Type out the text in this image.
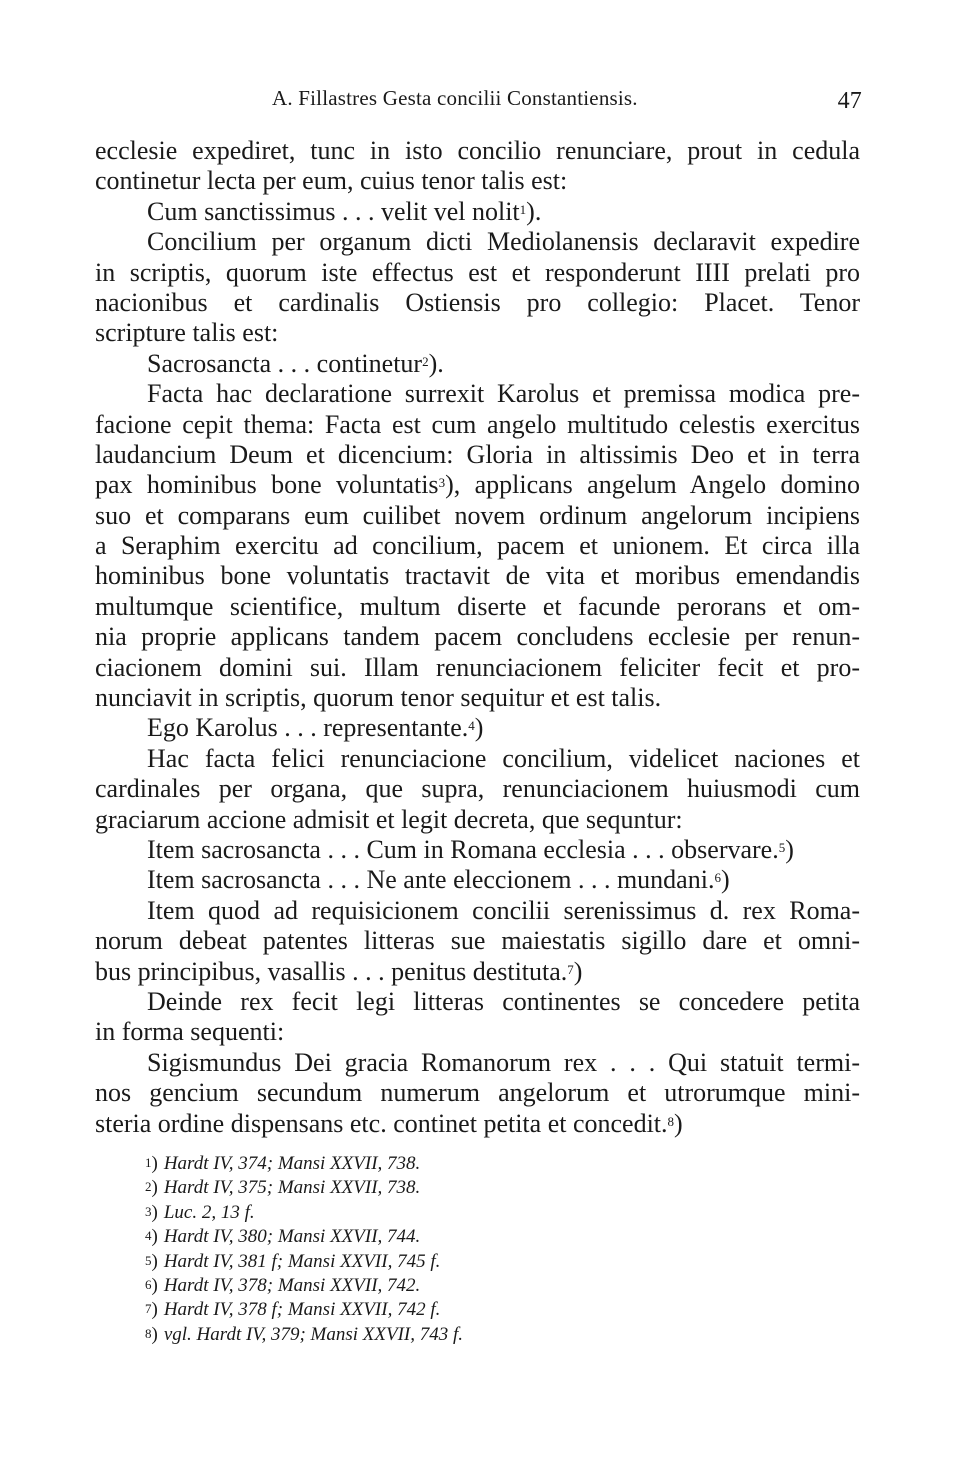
A. Fillastres Gesta concilii Constantiensis.	47
ecclesie expediret, tunc in isto concilio renunciare, prout in cedula
continetur lecta per eum, cuius tenor talis est:
Cum sanctissimus . . . velit vel nolit$^1$).
Concilium per organum dicti Mediolanensis declaravit expedire
in scriptis, quorum iste effectus est et responderunt IIII prelati pro
nacionibus et cardinalis Ostiensis pro collegio: Placet. Tenor
scripture talis est:
Sacrosancta . . . continetur$^2$).
Facta hac declaratione surrexit Karolus et premissa modica pre-
facione cepit thema: Facta est cum angelo multitudo celestis exercitus
laudancium Deum et dicencium: Gloria in altissimis Deo et in terra
pax hominibus bone voluntatis$^3$), applicans angelum Angelo domino
suo et comparans eum cuilibet novem ordinum angelorum incipiens
a Seraphim exercitu ad concilium, pacem et unionem. Et circa illa
hominibus bone voluntatis tractavit de vita et moribus emendandis
multumque scientifice, multum diserte et facunde perorans et om-
nia proprie applicans tandem pacem concludens ecclesie per renun-
ciacionem domini sui. Illam renunciacionem feliciter fecit et pro-
nunciavit in scriptis, quorum tenor sequitur et est talis.
Ego Karolus . . . representante.$^4$)
Hac facta felici renunciacione concilium, videlicet naciones et
cardinales per organa, que supra, renunciacionem huiusmodi cum
graciarum accione admisit et legit decreta, que sequntur:
Item sacrosancta . . . Cum in Romana ecclesia . . . observare.$^5$)
Item sacrosancta . . . Ne ante eleccionem . . . mundani.$^6$)
Item quod ad requisicionem concilii serenissimus d. rex Roma-
norum debeat patentes litteras sue maiestatis sigillo dare et omni-
bus principibus, vasallis . . . penitus destituta.$^7$)
Deinde rex fecit legi litteras continentes se concedere petita
in forma sequenti:
Sigismundus Dei gracia Romanorum rex . . . Qui statuit termi-
nos gencium secundum numerum angelorum et utrorumque mini-
steria ordine dispensans etc. continet petita et concedit.$^8$)
$^1$) Hardt IV, 374; Mansi XXVII, 738.
$^2$) Hardt IV, 375; Mansi XXVII, 738.
$^3$) Luc. 2, 13 f.
$^4$) Hardt IV, 380; Mansi XXVII, 744.
$^5$) Hardt IV, 381 f; Mansi XXVII, 745 f.
$^6$) Hardt IV, 378; Mansi XXVII, 742.
$^7$) Hardt IV, 378 f; Mansi XXVII, 742 f.
$^8$) vgl. Hardt IV, 379; Mansi XXVII, 743 f.
